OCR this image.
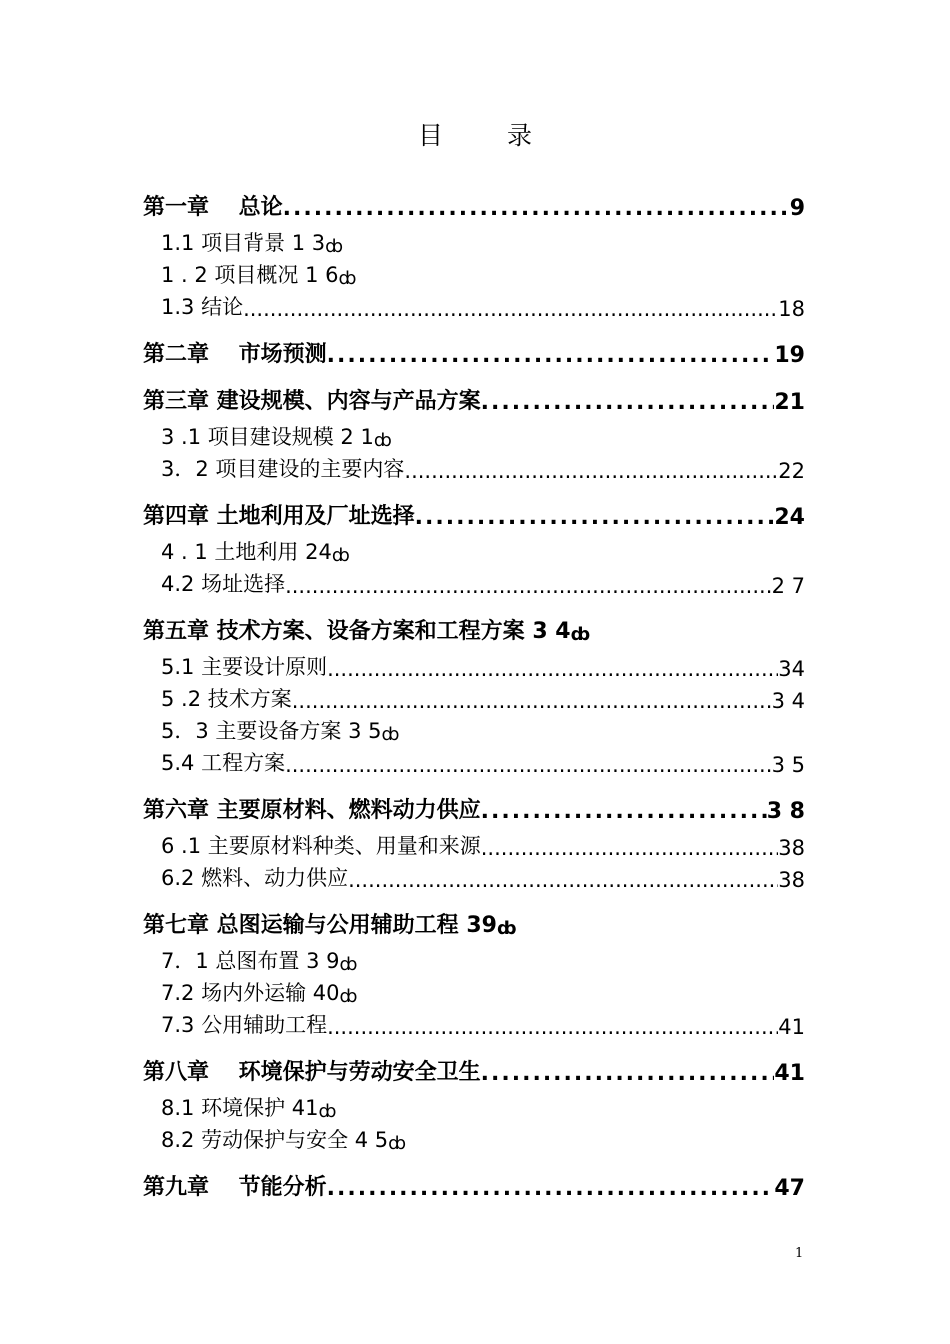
目 录
第一章　 总论 .....	9
1.1 项目背景 1 3 ȸ
1 . 2 项目概况 1 6 ȸ
1.3 结论 .....	18
第二章　 市场预测 .....	19
第三章 建设规模、内容与产品方案 .....	21
3 .1 项目建设规模 2 1 ȸ
3．2 项目建设的主要内容 .....	22
第四章 土地利用及厂址选择 .....	24
4 . 1 土地利用 24 ȸ
4.2 场址选择 .....	2 7
第五章 技术方案、设备方案和工程方案 3 4 ȸ
5.1 主要设计原则 .....	34
5 .2 技术方案 .....	3 4
5．3 主要设备方案 3 5 ȸ
5.4 工程方案 .....	3 5
第六章 主要原材料、燃料动力供应 .....	3 8
6 .1 主要原材料种类、用量和来源 .....	38
6.2 燃料、动力供应 .....	38
第七章 总图运输与公用辅助工程 39 ȸ
7．1 总图布置 3 9 ȸ
7.2 场内外运输 40 ȸ
7.3 公用辅助工程 .....	41
第八章　 环境保护与劳动安全卫生 .....	41
8.1 环境保护 41 ȸ
8.2 劳动保护与安全 4 5 ȸ
第九章　 节能分析 .....	47
1
